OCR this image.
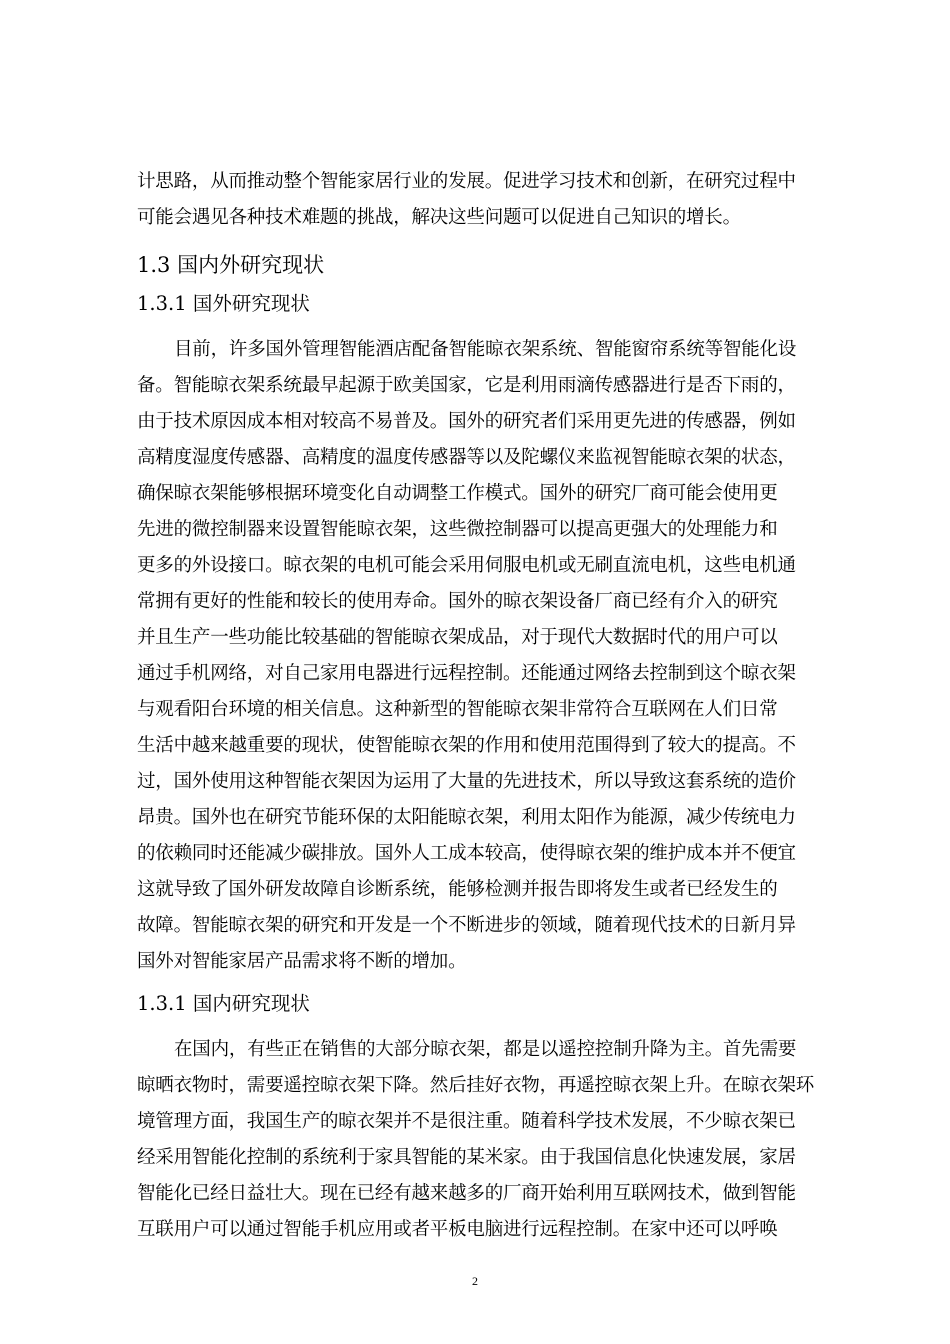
计思路，从而推动整个智能家居行业的发展。促进学习技术和创新，在研究过程中
可能会遇见各种技术难题的挑战，解决这些问题可以促进自己知识的增长。
1.3 国内外研究现状
1.3.1 国外研究现状
目前，许多国外管理智能酒店配备智能晾衣架系统、智能窗帘系统等智能化设
备。智能晾衣架系统最早起源于欧美国家，它是利用雨滴传感器进行是否下雨的，
由于技术原因成本相对较高不易普及。国外的研究者们采用更先进的传感器，例如
高精度湿度传感器、高精度的温度传感器等以及陀螺仪来监视智能晾衣架的状态，
确保晾衣架能够根据环境变化自动调整工作模式。国外的研究厂商可能会使用更
先进的微控制器来设置智能晾衣架，这些微控制器可以提高更强大的处理能力和
更多的外设接口。晾衣架的电机可能会采用伺服电机或无刷直流电机，这些电机通
常拥有更好的性能和较长的使用寿命。国外的晾衣架设备厂商已经有介入的研究
并且生产一些功能比较基础的智能晾衣架成品，对于现代大数据时代的用户可以
通过手机网络，对自己家用电器进行远程控制。还能通过网络去控制到这个晾衣架
与观看阳台环境的相关信息。这种新型的智能晾衣架非常符合互联网在人们日常
生活中越来越重要的现状，使智能晾衣架的作用和使用范围得到了较大的提高。不
过，国外使用这种智能衣架因为运用了大量的先进技术，所以导致这套系统的造价
昂贵。国外也在研究节能环保的太阳能晾衣架，利用太阳作为能源，减少传统电力
的依赖同时还能减少碳排放。国外人工成本较高，使得晾衣架的维护成本并不便宜
这就导致了国外研发故障自诊断系统，能够检测并报告即将发生或者已经发生的
故障。智能晾衣架的研究和开发是一个不断进步的领域，随着现代技术的日新月异
国外对智能家居产品需求将不断的增加。
1.3.1 国内研究现状
在国内，有些正在销售的大部分晾衣架，都是以遥控控制升降为主。首先需要
晾晒衣物时，需要遥控晾衣架下降。然后挂好衣物，再遥控晾衣架上升。在晾衣架环
境管理方面，我国生产的晾衣架并不是很注重。随着科学技术发展，不少晾衣架已
经采用智能化控制的系统利于家具智能的某米家。由于我国信息化快速发展，家居
智能化已经日益壮大。现在已经有越来越多的厂商开始利用互联网技术，做到智能
互联用户可以通过智能手机应用或者平板电脑进行远程控制。在家中还可以呼唤
2
